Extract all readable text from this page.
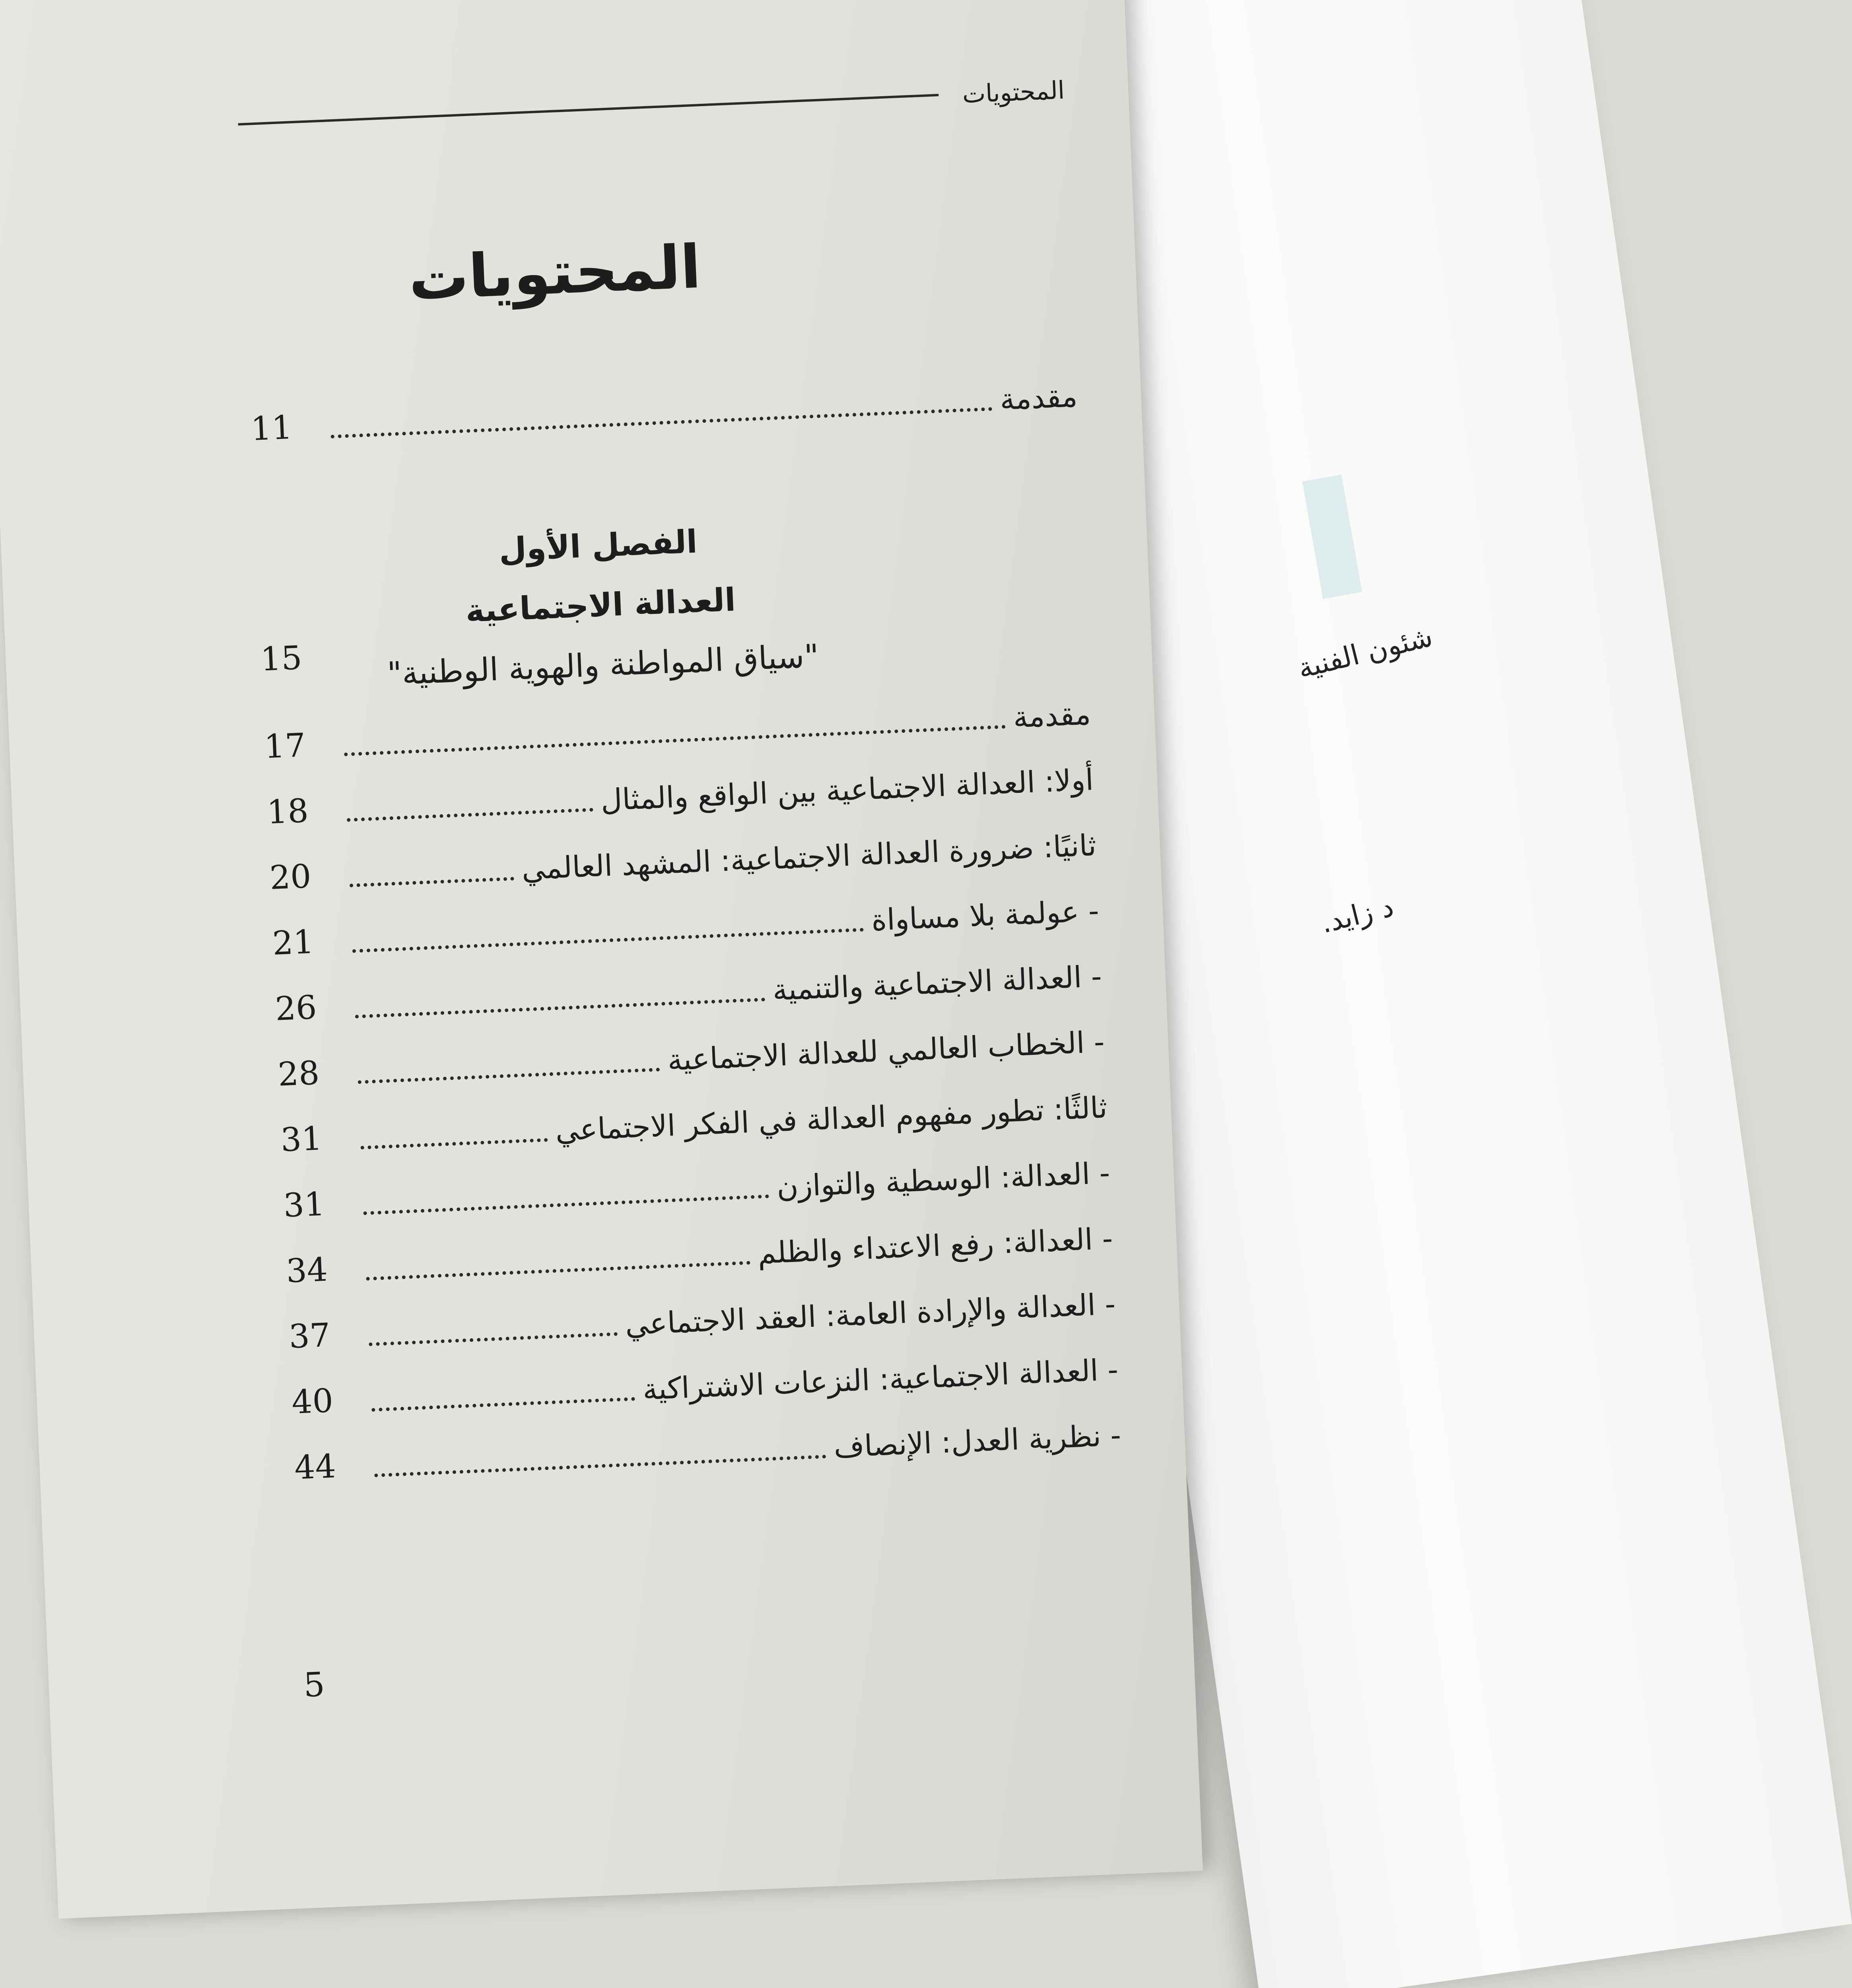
شئون الفنية
د زايد.
المحتويات
المحتويات
مقدمة
11
الفصل الأول
العدالة الاجتماعية
15	"سياق المواطنة والهوية الوطنية"
مقدمة
17
أولا: العدالة الاجتماعية بين الواقع والمثال
18
ثانيًا: ضرورة العدالة الاجتماعية: المشهد العالمي
20
- عولمة بلا مساواة
21
- العدالة الاجتماعية والتنمية
26
- الخطاب العالمي للعدالة الاجتماعية
28
ثالثًا: تطور مفهوم العدالة في الفكر الاجتماعي
31
- العدالة: الوسطية والتوازن
31
- العدالة: رفع الاعتداء والظلم
34
- العدالة والإرادة العامة: العقد الاجتماعي
37
- العدالة الاجتماعية: النزعات الاشتراكية
40
- نظرية العدل: الإنصاف
44
5
